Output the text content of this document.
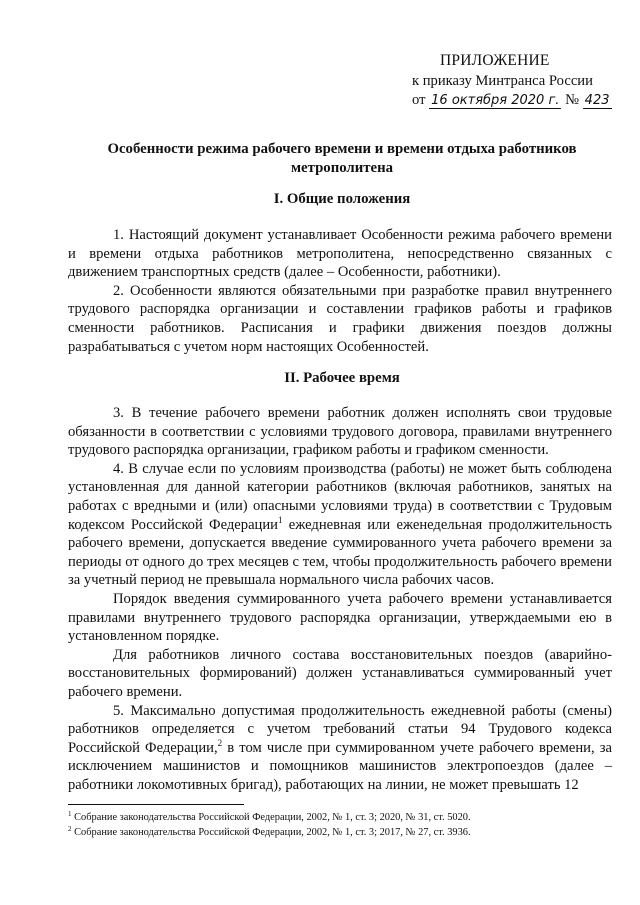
ПРИЛОЖЕНИЕ
к приказу Минтранса России
от 16 октября 2020 г. № 423
Особенности режима рабочего времени и времени отдыха работников метрополитена
I. Общие положения

1. Настоящий документ устанавливает Особенности режима рабочего времени и времени отдыха работников метрополитена, непосредственно связанных с движением транспортных средств (далее – Особенности, работники).

2. Особенности являются обязательными при разработке правил внутреннего трудового распорядка организации и составлении графиков работы и графиков сменности работников. Расписания и графики движения поездов должны разрабатываться с учетом норм настоящих Особенностей.

II. Рабочее время

3. В течение рабочего времени работник должен исполнять свои трудовые обязанности в соответствии с условиями трудового договора, правилами внутреннего трудового распорядка организации, графиком работы и графиком сменности.

4. В случае если по условиям производства (работы) не может быть соблюдена установленная для данной категории работников (включая работников, занятых на работах с вредными и (или) опасными условиями труда) в соответствии с Трудовым кодексом Российской Федерации$^1$ ежедневная или еженедельная продолжительность рабочего времени, допускается введение суммированного учета рабочего времени за периоды от одного до трех месяцев с тем, чтобы продолжительность рабочего времени за учетный период не превышала нормального числа рабочих часов.

Порядок введения суммированного учета рабочего времени устанавливается правилами внутреннего трудового распорядка организации, утверждаемыми ею в установленном порядке.

Для работников личного состава восстановительных поездов (аварийно-восстановительных формирований) должен устанавливаться суммированный учет рабочего времени.

5. Максимально допустимая продолжительность ежедневной работы (смены) работников определяется с учетом требований статьи 94 Трудового кодекса Российской Федерации,$^2$ в том числе при суммированном учете рабочего времени, за исключением машинистов и помощников машинистов электропоездов (далее – работники локомотивных бригад), работающих на линии, не может превышать 12

$^1$ Собрание законодательства Российской Федерации, 2002, № 1, ст. 3; 2020, № 31, ст. 5020.
$^2$ Собрание законодательства Российской Федерации, 2002, № 1, ст. 3; 2017, № 27, ст. 3936.
